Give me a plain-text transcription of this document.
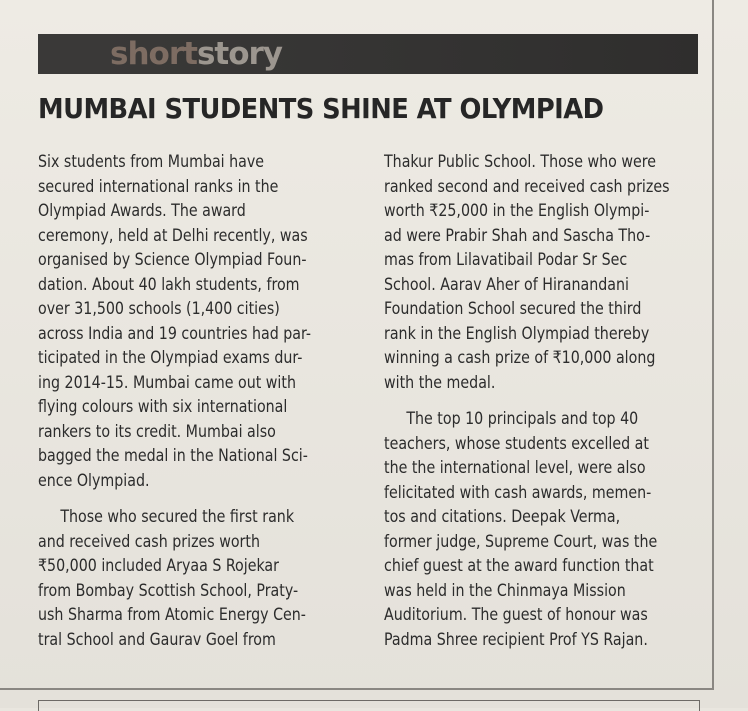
shortstory
MUMBAI STUDENTS SHINE AT OLYMPIAD
Six students from Mumbai have
secured international ranks in the
Olympiad Awards. The award
ceremony, held at Delhi recently, was
organised by Science Olympiad Foun-
dation. About 40 lakh students, from
over 31,500 schools (1,400 cities)
across India and 19 countries had par-
ticipated in the Olympiad exams dur-
ing 2014-15. Mumbai came out with
flying colours with six international
rankers to its credit. Mumbai also
bagged the medal in the National Sci-
ence Olympiad.
Those who secured the first rank
and received cash prizes worth
₹50,000 included Aryaa S Rojekar
from Bombay Scottish School, Praty-
ush Sharma from Atomic Energy Cen-
tral School and Gaurav Goel from
Thakur Public School. Those who were
ranked second and received cash prizes
worth ₹25,000 in the English Olympi-
ad were Prabir Shah and Sascha Tho-
mas from Lilavatibail Podar Sr Sec
School. Aarav Aher of Hiranandani
Foundation School secured the third
rank in the English Olympiad thereby
winning a cash prize of ₹10,000 along
with the medal.
The top 10 principals and top 40
teachers, whose students excelled at
the the international level, were also
felicitated with cash awards, memen-
tos and citations. Deepak Verma,
former judge, Supreme Court, was the
chief guest at the award function that
was held in the Chinmaya Mission
Auditorium. The guest of honour was
Padma Shree recipient Prof YS Rajan.
